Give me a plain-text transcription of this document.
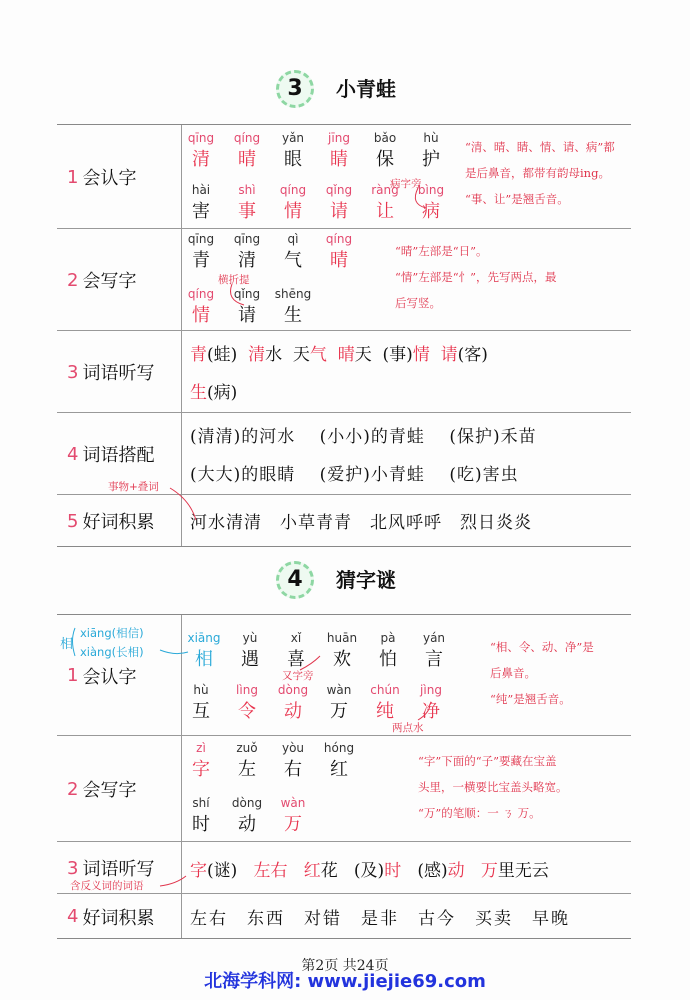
3	小青蛙
1 会认字
2 会写字
3 词语听写
4 词语搭配
5 好词积累
qīng
清
qíng
晴
yǎn
眼
jīng
睛
bǎo
保
hù
护
hài
害
shì
事
qíng
情
qǐng
请
ràng
让
bìng
病
病字旁
“清、晴、睛、情、请、病”都
是后鼻音，都带有韵母ing。
“事、让”是翘舌音。
qīng
青
qīng
清
qì
气
qíng
晴
qíng
情
qǐng
请
shēng
生
横折提
“晴”左部是“日”。
“情”左部是“忄”，先写两点，最
后写竖。
青(蛙) 清水 天气 晴天 (事)情 请(客)
生(病)
(清清)的河水　 (小小)的青蛙　 (保护)禾苗
(大大)的眼睛　 (爱护)小青蛙　 (吃)害虫
事物+叠词
河水清清　小草青青　北风呼呼　烈日炎炎
4	猜字谜
1 会认字
2 会写字
3 词语听写
4 好词积累
相
xiāng(相信)
xiàng(长相)
xiāng
相
yù
遇
xǐ
喜
huān
欢
pà
怕
yán
言
hù
互
lìng
令
dòng
动
wàn
万
chún
纯
jìng
净
又字旁
两点水
“相、令、动、净”是
后鼻音。
“纯”是翘舌音。
zì
字
zuǒ
左
yòu
右
hóng
红
shí
时
dòng
动
wàn
万
“字”下面的“子”要藏在宝盖
头里，一横要比宝盖头略宽。
“万”的笔顺：一 ㄋ 万。
字(谜) 左右 红花 (及)时 (感)动 万里无云
含反义词的词语
左右　东西　对错　是非　古今　买卖　早晚
第2页 共24页
北海学科网: www.jiejie69.com
